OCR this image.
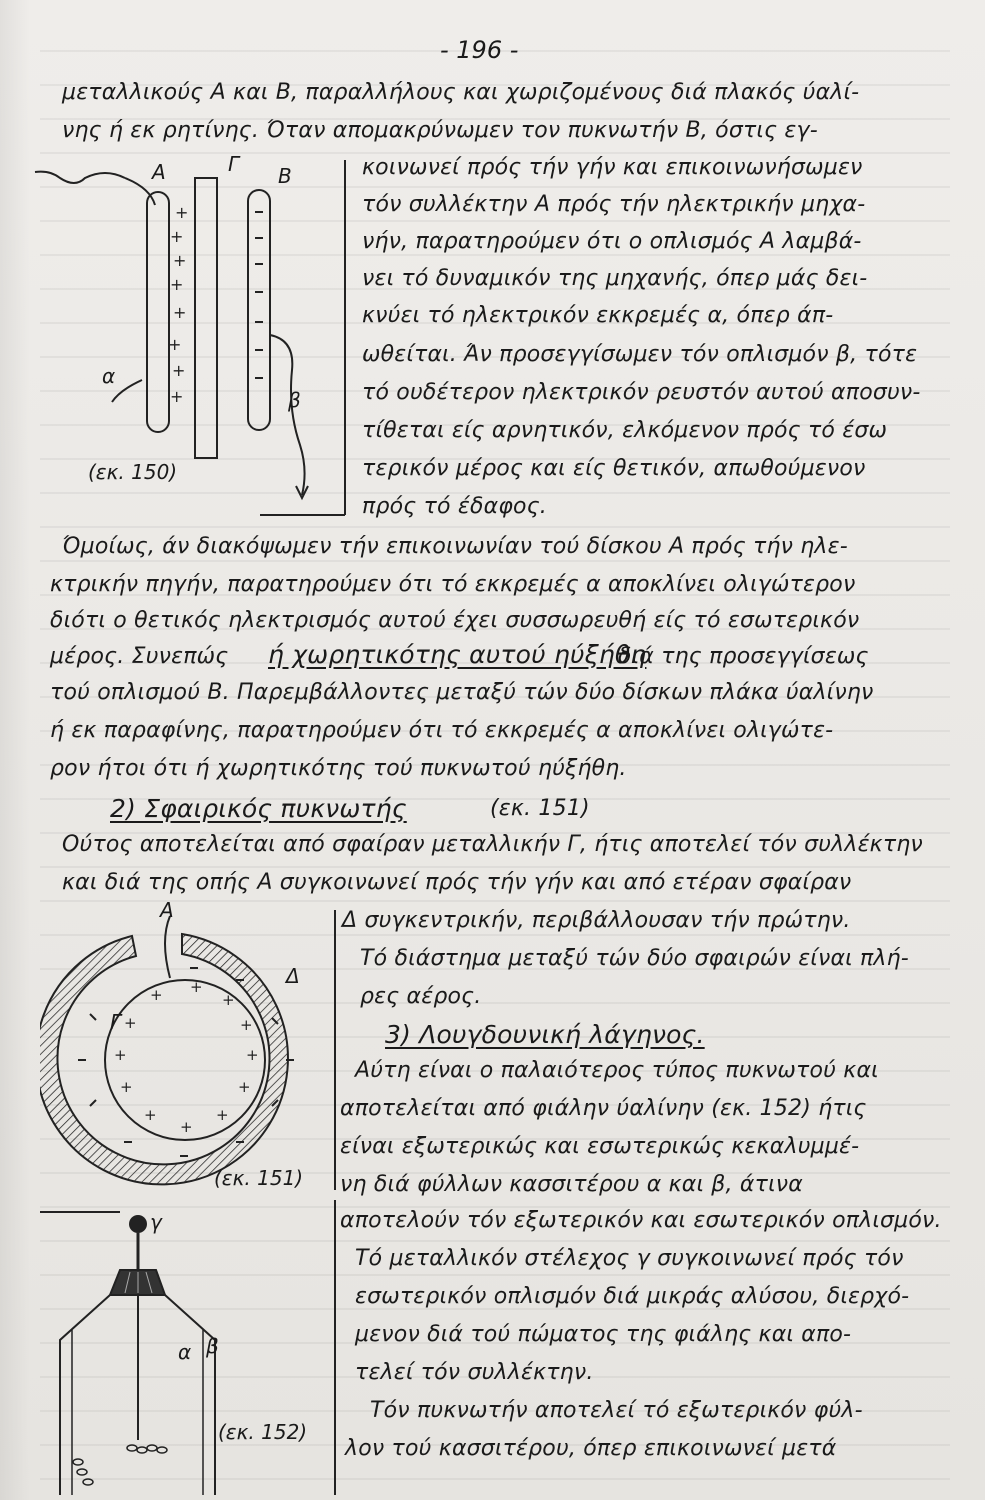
- 196 -
μεταλλικούς Α και Β, παραλλήλους και χωριζομένους διά πλακός ύαλί-
νης ή εκ ρητίνης. Όταν απομακρύνωμεν τον πυκνωτήν Β, όστις εγ-
κοινωνεί πρός τήν γήν και επικοινωνήσωμεν
τόν συλλέκτην Α πρός τήν ηλεκτρικήν μηχα-
νήν, παρατηρούμεν ότι ο οπλισμός Α λαμβά-
νει τό δυναμικόν της μηχανής, όπερ μάς δει-
κνύει τό ηλεκτρικόν εκκρεμές α, όπερ άπ-
ωθείται. Άν προσεγγίσωμεν τόν οπλισμόν β, τότε
τό ουδέτερον ηλεκτρικόν ρευστόν αυτού αποσυν-
τίθεται είς αρνητικόν, ελκόμενον πρός τό έσω
τερικόν μέρος και είς θετικόν, απωθούμενον
πρός τό έδαφος.
+
+
+
+
+
+
+
+
Α	Γ Β
α
β
(εκ. 150)
Όμοίως, άν διακόψωμεν τήν επικοινωνίαν τού δίσκου Α πρός τήν ηλε-
κτρικήν πηγήν, παρατηρούμεν ότι τό εκκρεμές α αποκλίνει ολιγώτερον
διότι ο θετικός ηλεκτρισμός αυτού έχει συσσωρευθή είς τό εσωτερικόν
μέρος. Συνεπώς ή χωρητικότης αυτού ηύξήθη
διά της προσεγγίσεως
τού οπλισμού Β. Παρεμβάλλοντες μεταξύ τών δύο δίσκων πλάκα ύαλίνην
ή εκ παραφίνης, παρατηρούμεν ότι τό εκκρεμές α αποκλίνει ολιγώτε-
ρον ήτοι ότι ή χωρητικότης τού πυκνωτού ηύξήθη.
2) Σφαιρικός πυκνωτής	(εκ. 151)
Ούτος αποτελείται από σφαίραν μεταλλικήν Γ, ήτις αποτελεί τόν συλλέκτην
και διά της οπής Α συγκοινωνεί πρός τήν γήν και από ετέραν σφαίραν
Δ συγκεντρικήν, περιβάλλουσαν τήν πρώτην.
Τό διάστημα μεταξύ τών δύο σφαιρών είναι πλή-
ρες αέρος.
+ +
+
+
+
+
+
+
+
+
+
+
Α
Δ
Γ
(εκ. 151)
3) Λουγδουνική λάγηνος.
Αύτη είναι ο παλαιότερος τύπος πυκνωτού και
αποτελείται από φιάλην ύαλίνην (εκ. 152) ήτις
είναι εξωτερικώς και εσωτερικώς κεκαλυμμέ-
νη διά φύλλων κασσιτέρου α και β, άτινα
αποτελούν τόν εξωτερικόν και εσωτερικόν οπλισμόν.
Τό μεταλλικόν στέλεχος γ συγκοινωνεί πρός τόν
εσωτερικόν οπλισμόν διά μικράς αλύσου, διερχό-
μενον διά τού πώματος της φιάλης και απο-
τελεί τόν συλλέκτην.
Τόν πυκνωτήν αποτελεί τό εξωτερικόν φύλ-
λον τού κασσιτέρου, όπερ επικοινωνεί μετά
γ
α β
(εκ. 152)
